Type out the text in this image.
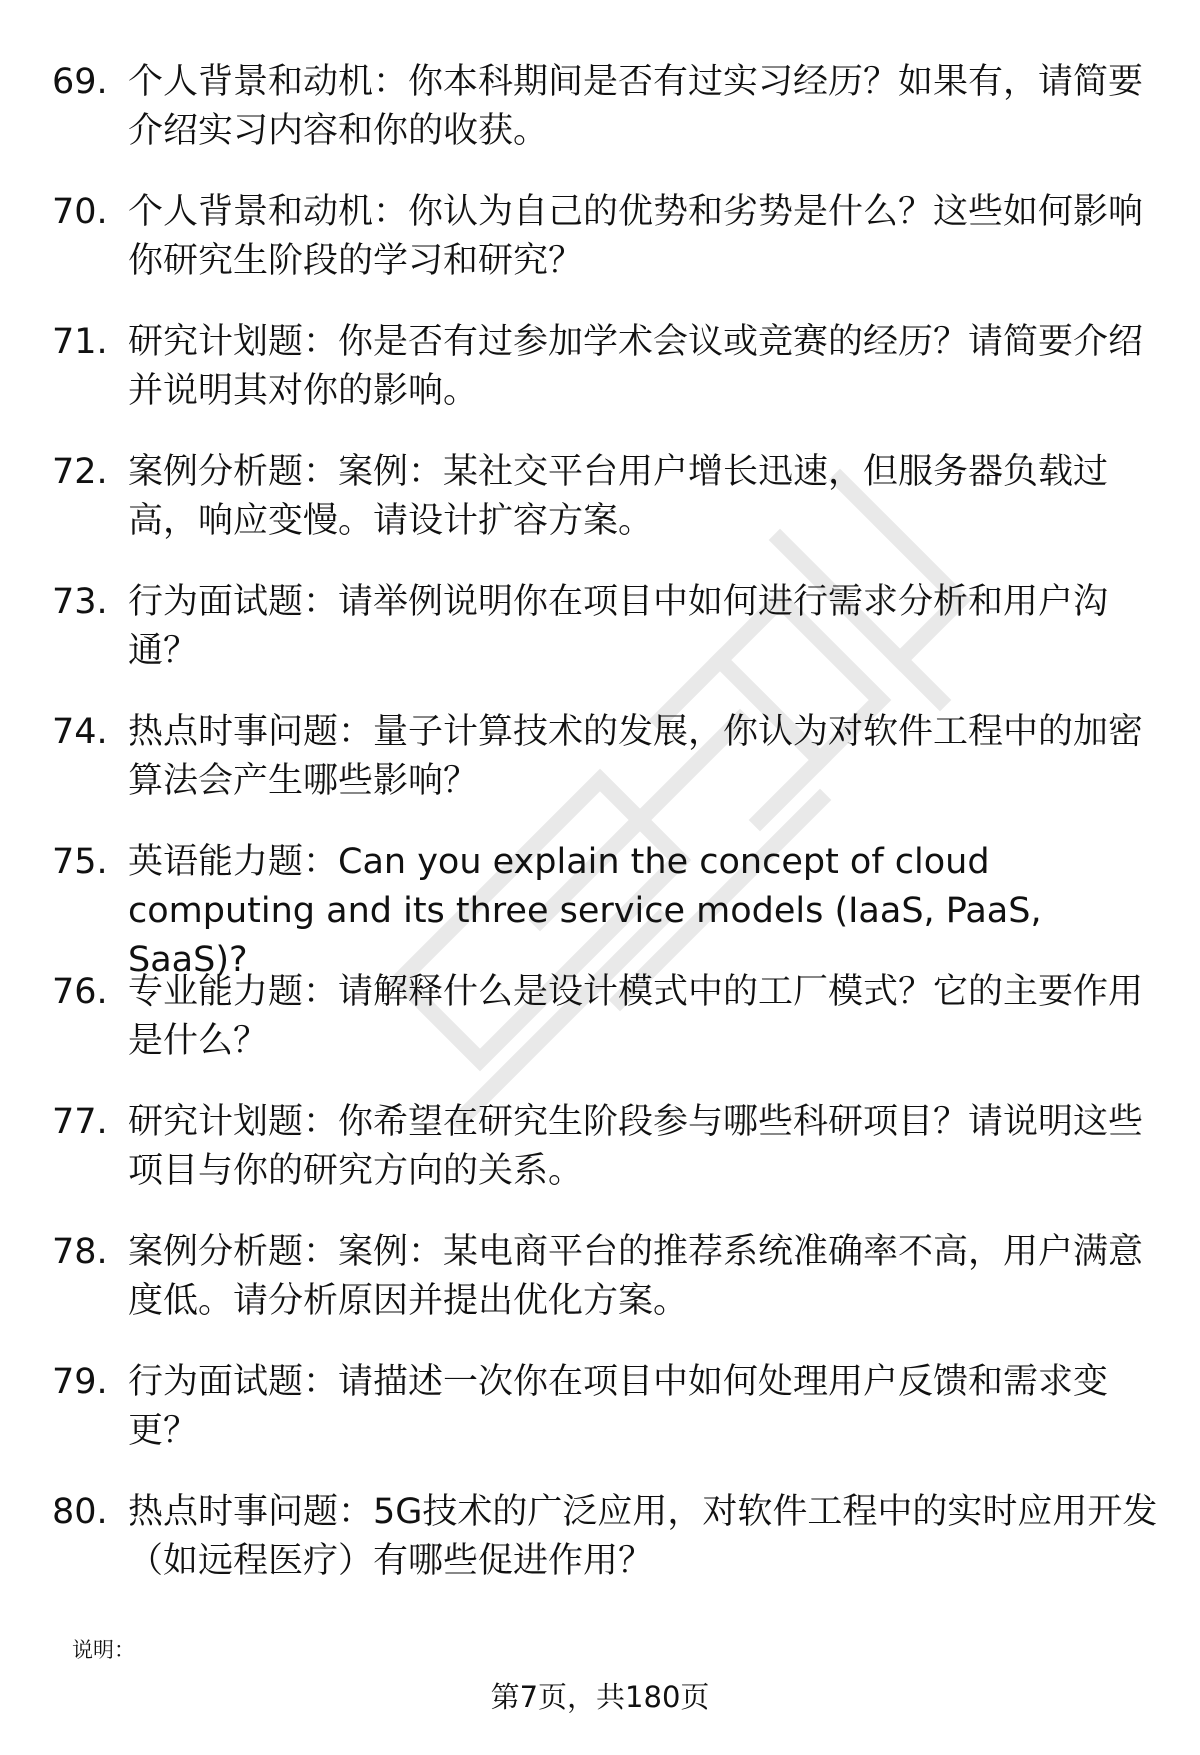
69. 个人背景和动机：你本科期间是否有过实习经历？如果有，请简要介绍实习内容和你的收获。
70. 个人背景和动机：你认为自己的优势和劣势是什么？这些如何影响你研究生阶段的学习和研究？
71. 研究计划题：你是否有过参加学术会议或竞赛的经历？请简要介绍并说明其对你的影响。
72. 案例分析题：案例：某社交平台用户增长迅速，但服务器负载过高，响应变慢。请设计扩容方案。
73. 行为面试题：请举例说明你在项目中如何进行需求分析和用户沟通？
74. 热点时事问题：量子计算技术的发展，你认为对软件工程中的加密算法会产生哪些影响？
75. 英语能力题：Can you explain the concept of cloud computing and its three service models (IaaS, PaaS, SaaS)?
76. 专业能力题：请解释什么是设计模式中的工厂模式？它的主要作用是什么？
77. 研究计划题：你希望在研究生阶段参与哪些科研项目？请说明这些项目与你的研究方向的关系。
78. 案例分析题：案例：某电商平台的推荐系统准确率不高，用户满意度低。请分析原因并提出优化方案。
79. 行为面试题：请描述一次你在项目中如何处理用户反馈和需求变更？
80. 热点时事问题：5G技术的广泛应用，对软件工程中的实时应用开发（如远程医疗）有哪些促进作用？
说明：
第7页，共180页
